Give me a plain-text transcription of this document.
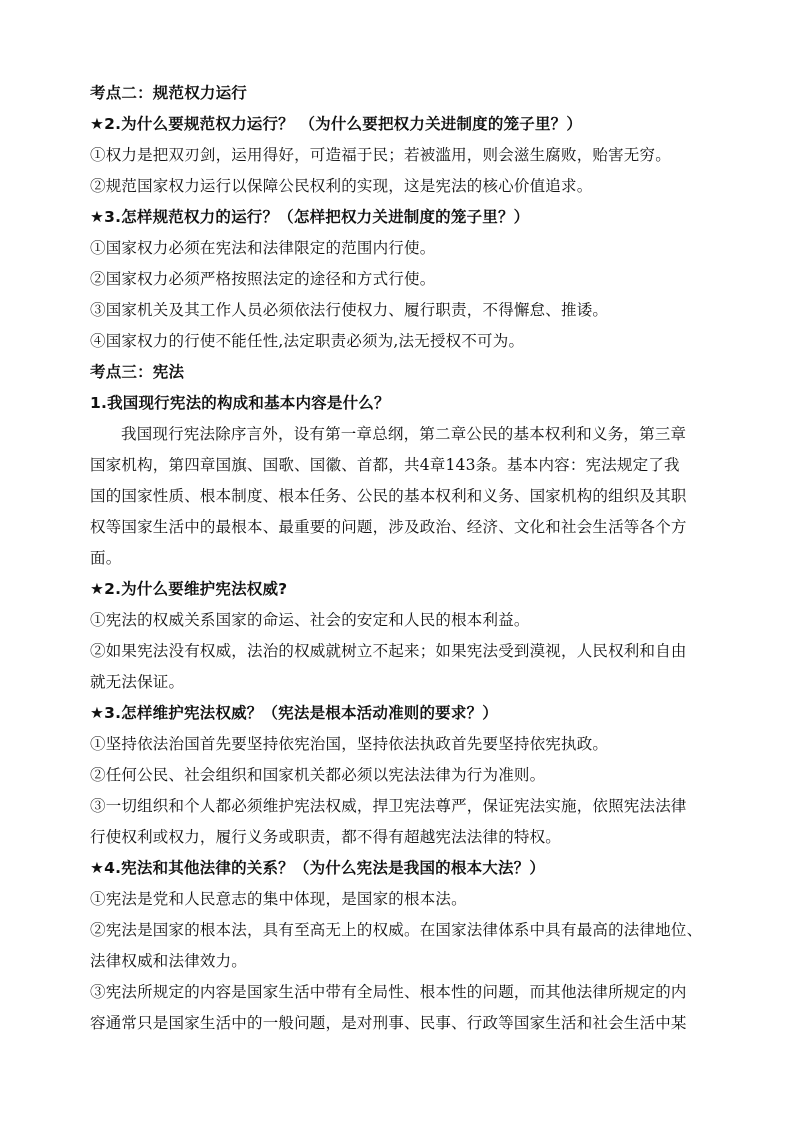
考点二：规范权力运行
★2.为什么要规范权力运行？ （为什么要把权力关进制度的笼子里？）
①权力是把双刃剑，运用得好，可造福于民；若被滥用，则会滋生腐败，贻害无穷。
②规范国家权力运行以保障公民权利的实现，这是宪法的核心价值追求。
★3.怎样规范权力的运行？（怎样把权力关进制度的笼子里？）
①国家权力必须在宪法和法律限定的范围内行使。
②国家权力必须严格按照法定的途径和方式行使。
③国家机关及其工作人员必须依法行使权力、履行职责，不得懈怠、推诿。
④国家权力的行使不能任性,法定职责必须为,法无授权不可为。
考点三：宪法
1.我国现行宪法的构成和基本内容是什么？
我国现行宪法除序言外，设有第一章总纲，第二章公民的基本权利和义务，第三章
国家机构，第四章国旗、国歌、国徽、首都，共4章143条。基本内容：宪法规定了我
国的国家性质、根本制度、根本任务、公民的基本权利和义务、国家机构的组织及其职
权等国家生活中的最根本、最重要的问题，涉及政治、经济、文化和社会生活等各个方
面。
★2.为什么要维护宪法权威?
①宪法的权威关系国家的命运、社会的安定和人民的根本利益。
②如果宪法没有权威，法治的权威就树立不起来；如果宪法受到漠视，人民权利和自由
就无法保证。
★3.怎样维护宪法权威？（宪法是根本活动准则的要求？）
①坚持依法治国首先要坚持依宪治国，坚持依法执政首先要坚持依宪执政。
②任何公民、社会组织和国家机关都必须以宪法法律为行为准则。
③一切组织和个人都必须维护宪法权威，捍卫宪法尊严，保证宪法实施，依照宪法法律
行使权利或权力，履行义务或职责，都不得有超越宪法法律的特权。
★4.宪法和其他法律的关系？（为什么宪法是我国的根本大法？）
①宪法是党和人民意志的集中体现，是国家的根本法。
②宪法是国家的根本法，具有至高无上的权威。在国家法律体系中具有最高的法律地位、
法律权威和法律效力。
③宪法所规定的内容是国家生活中带有全局性、根本性的问题，而其他法律所规定的内
容通常只是国家生活中的一般问题，是对刑事、民事、行政等国家生活和社会生活中某
